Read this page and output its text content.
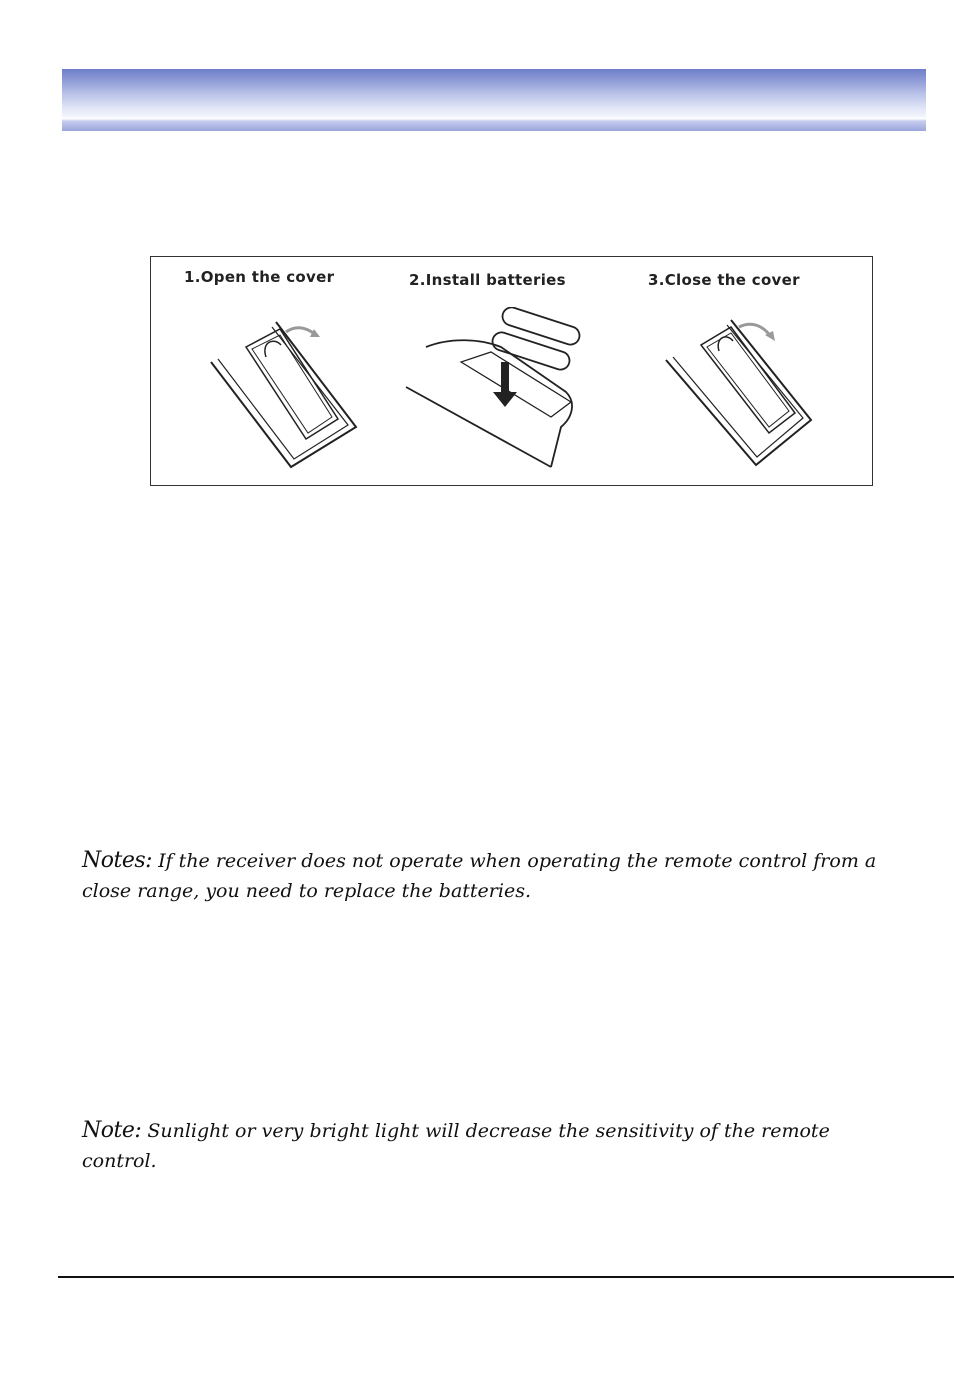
1.Open the cover	2.Install batteries	3.Close the cover
Notes: If the receiver does not operate when operating the remote control from a close range, you need to replace the batteries.
Note: Sunlight or very bright light will decrease the sensitivity of the remote control.
